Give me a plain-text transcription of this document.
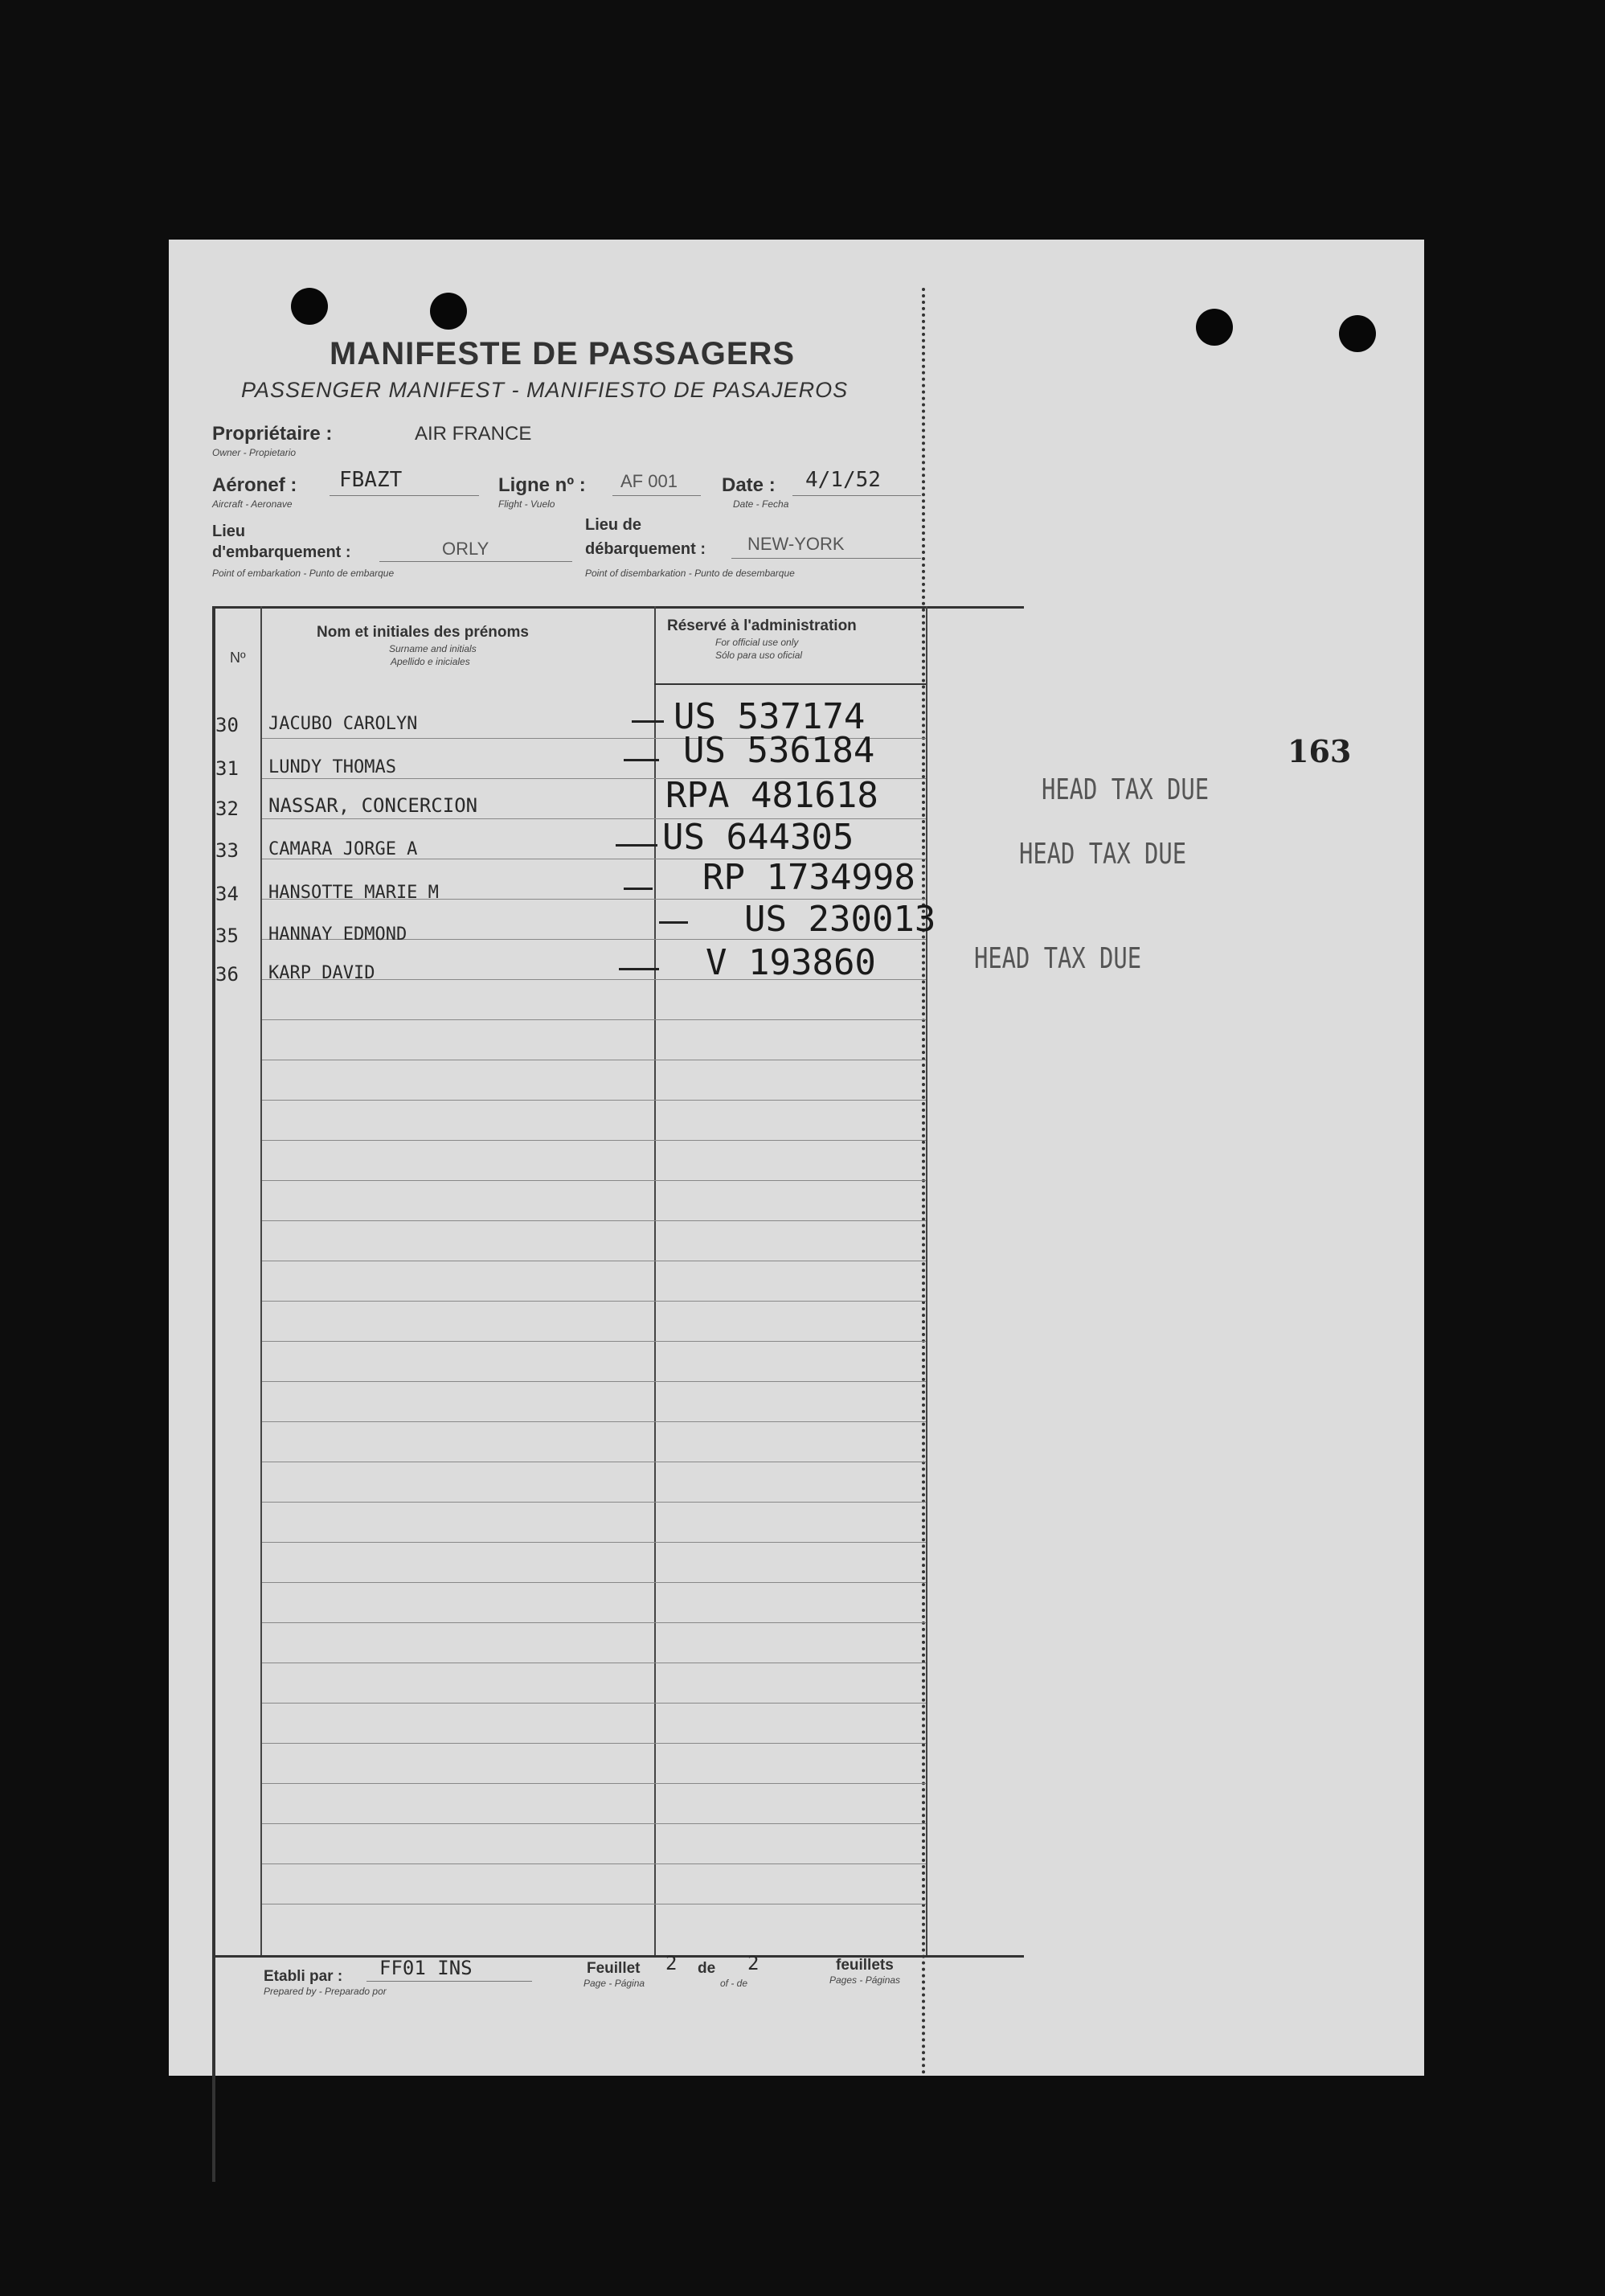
MANIFESTE DE PASSAGERS
PASSENGER MANIFEST - MANIFIESTO DE PASAJEROS
Propriétaire :
Owner - Propietario
AIR FRANCE
Aéronef :
Aircraft - Aeronave
FBAZT	Ligne nº :
Flight - Vuelo
AF 001 Date :
Date - Fecha
4/1/52
Lieu
d'embarquement :
Point of embarkation - Punto de embarque
ORLY
Lieu de
débarquement :
Point of disembarkation - Punto de desembarque
NEW-YORK
Nº
Nom et initiales des prénoms
Surname and initials
Apellido e iniciales
Réservé à l'administration
For official use only
Sólo para uso oficial
30 JACUBO CAROLYN	US 537174
31 LUNDY THOMAS	US 536184
32 NASSAR, CONCERCION	RPA 481618
33 CAMARA JORGE A	US 644305
34 HANSOTTE MARIE M	RP 1734998
35 HANNAY EDMOND	US 230013
36 KARP DAVID	V 193860
HEAD TAX DUE
HEAD TAX DUE
HEAD TAX DUE
163
Etabli par :
Prepared by - Preparado por
FF01 INS	Feuillet
Page - Página
2 de
of - de
2	feuillets
Pages - Páginas
